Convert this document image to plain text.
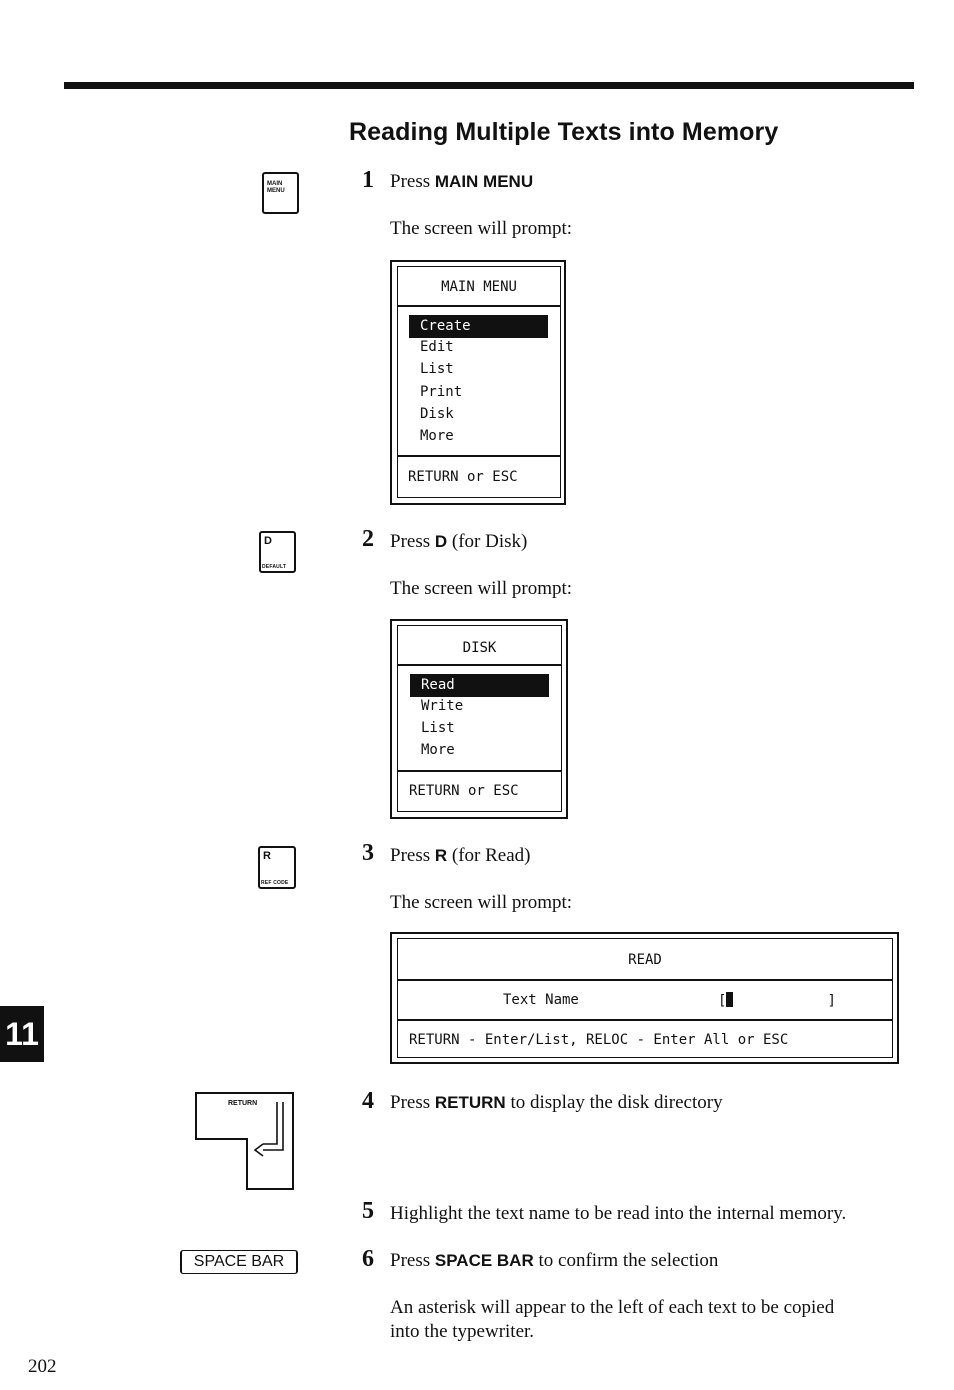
Reading Multiple Texts into Memory
MAIN
MENU	1 Press MAIN MENU
The screen will prompt:
MAIN MENU
Create
Edit
List
Print
Disk
More
RETURN or ESC
D
DEFAULT
2 Press D (for Disk)
The screen will prompt:
DISK
Read
Write
List
More
RETURN or ESC
R
REF CODE
3 Press R (for Read)
The screen will prompt:
READ
Text Name	[	]
RETURN - Enter/List, RELOC - Enter All or ESC
RETURN	4 Press RETURN to display the disk directory
5 Highlight the text name to be read into the internal memory.
SPACE BAR	6 Press SPACE BAR to confirm the selection
An asterisk will appear to the left of each text to be copied
into the typewriter.
11
202
